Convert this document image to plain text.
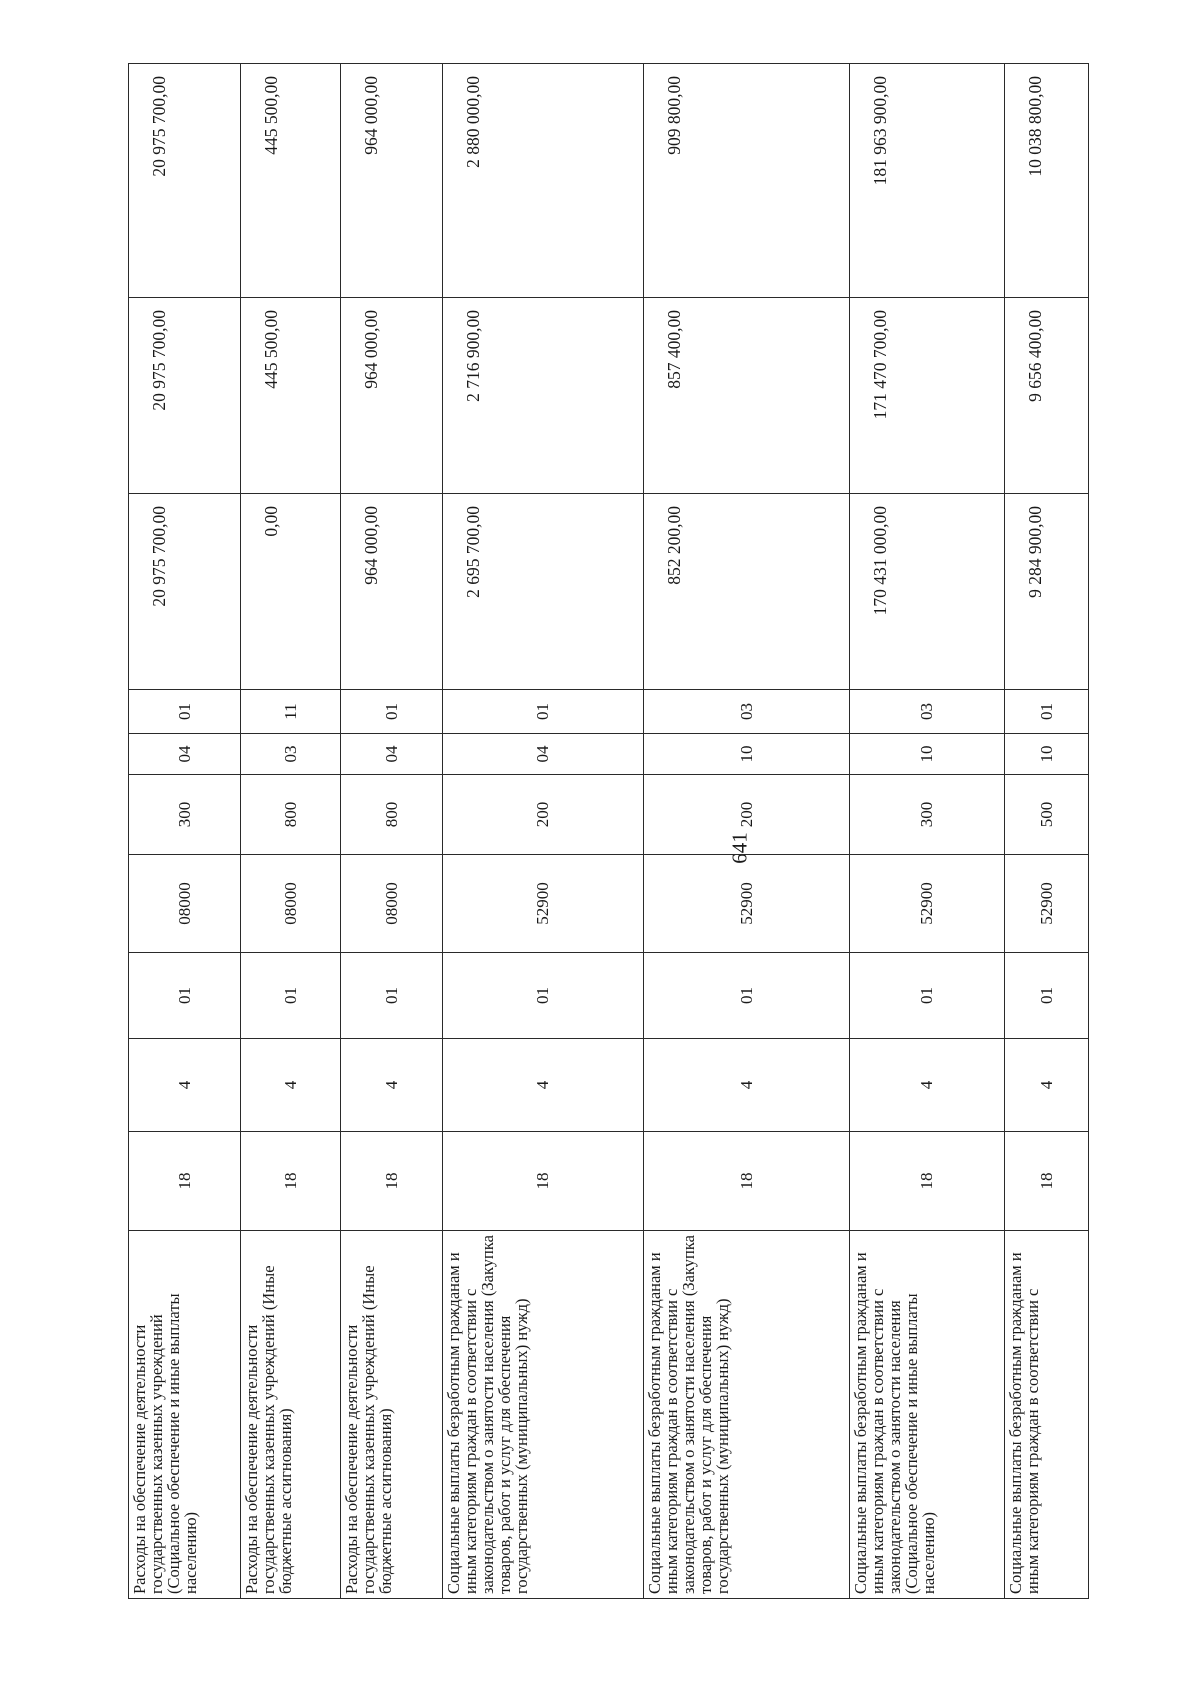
641
Расходы на обеспечение деятельности государственных казенных учреждений (Социальное обеспечение и иные выплаты населению)	18	4	01	08000	300	04	01	20 975 700,00	20 975 700,00	20 975 700,00
Расходы на обеспечение деятельности государственных казенных учреждений (Иные бюджетные ассигнования)	18	4	01	08000	800	03	11	0,00	445 500,00	445 500,00
Расходы на обеспечение деятельности государственных казенных учреждений (Иные бюджетные ассигнования)	18	4	01	08000	800	04	01	964 000,00	964 000,00	964 000,00
Социальные выплаты безработным гражданам и иным категориям граждан в соответствии с законодательством о занятости населения (Закупка товаров, работ и услуг для обеспечения государственных (муниципальных) нужд)	18	4	01	52900	200	04	01	2 695 700,00	2 716 900,00	2 880 000,00
Социальные выплаты безработным гражданам и иным категориям граждан в соответствии с законодательством о занятости населения (Закупка товаров, работ и услуг для обеспечения государственных (муниципальных) нужд)	18	4	01	52900	200	10	03	852 200,00	857 400,00	909 800,00
Социальные выплаты безработным гражданам и иным категориям граждан в соответствии с законодательством о занятости населения (Социальное обеспечение и иные выплаты населению)	18	4	01	52900	300	10	03	170 431 000,00	171 470 700,00	181 963 900,00
Социальные выплаты безработным гражданам и иным категориям граждан в соответствии с	18	4	01	52900	500	10	01	9 284 900,00	9 656 400,00	10 038 800,00
